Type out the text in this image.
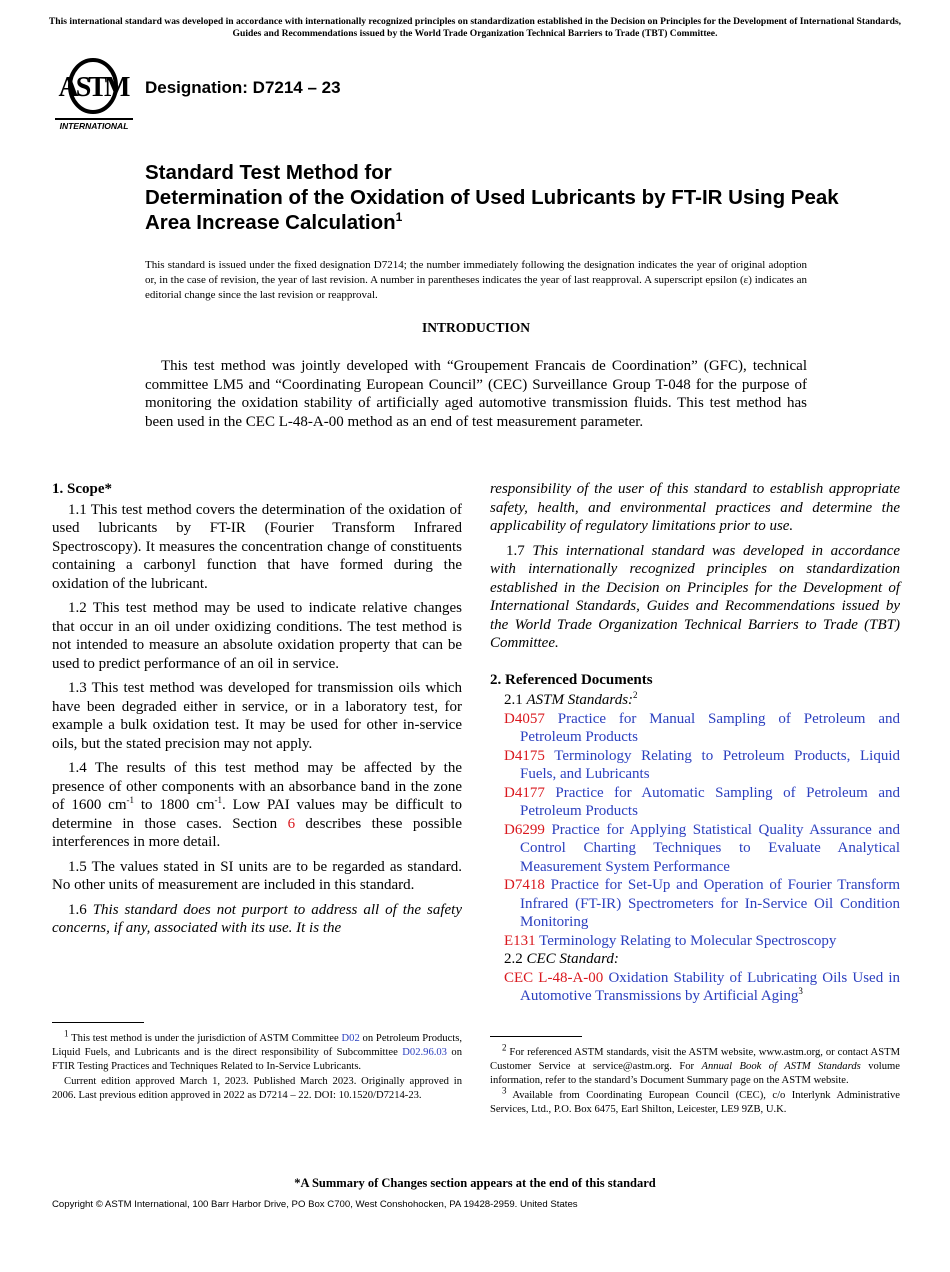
This international standard was developed in accordance with internationally recognized principles on standardization established in the Decision on Principles for the Development of International Standards, Guides and Recommendations issued by the World Trade Organization Technical Barriers to Trade (TBT) Committee.
ASTM
INTERNATIONAL
Designation: D7214 – 23
Standard Test Method for
Determination of the Oxidation of Used Lubricants by FT-IR Using Peak Area Increase Calculation$^1$
This standard is issued under the fixed designation D7214; the number immediately following the designation indicates the year of original adoption or, in the case of revision, the year of last revision. A number in parentheses indicates the year of last reapproval. A superscript epsilon (ε) indicates an editorial change since the last revision or reapproval.
INTRODUCTION
This test method was jointly developed with “Groupement Francais de Coordination” (GFC), technical committee LM5 and “Coordinating European Council” (CEC) Surveillance Group T-048 for the purpose of monitoring the oxidation stability of artificially aged automotive transmission fluids. This test method has been used in the CEC L-48-A-00 method as an end of test measurement parameter.

1. Scope*

1.1 This test method covers the determination of the oxidation of used lubricants by FT-IR (Fourier Transform Infrared Spectroscopy). It measures the concentration change of constituents containing a carbonyl function that have formed during the oxidation of the lubricant.

1.2 This test method may be used to indicate relative changes that occur in an oil under oxidizing conditions. The test method is not intended to measure an absolute oxidation property that can be used to predict performance of an oil in service.

1.3 This test method was developed for transmission oils which have been degraded either in service, or in a laboratory test, for example a bulk oxidation test. It may be used for other in-service oils, but the stated precision may not apply.

1.4 The results of this test method may be affected by the presence of other components with an absorbance band in the zone of 1600 $cm^{-1}$ to 1800 $cm^{-1}$. Low PAI values may be difficult to determine in those cases. Section 6 describes these possible interferences in more detail.

1.5 The values stated in SI units are to be regarded as standard. No other units of measurement are included in this standard.

1.6 This standard does not purport to address all of the safety concerns, if any, associated with its use. It is the

responsibility of the user of this standard to establish appropriate safety, health, and environmental practices and determine the applicability of regulatory limitations prior to use.

1.7 This international standard was developed in accordance with internationally recognized principles on standardization established in the Decision on Principles for the Development of International Standards, Guides and Recommendations issued by the World Trade Organization Technical Barriers to Trade (TBT) Committee.

2. Referenced Documents

2.1 ASTM Standards:$^2$

D4057 Practice for Manual Sampling of Petroleum and Petroleum Products

D4175 Terminology Relating to Petroleum Products, Liquid Fuels, and Lubricants

D4177 Practice for Automatic Sampling of Petroleum and Petroleum Products

D6299 Practice for Applying Statistical Quality Assurance and Control Charting Techniques to Evaluate Analytical Measurement System Performance

D7418 Practice for Set-Up and Operation of Fourier Transform Infrared (FT-IR) Spectrometers for In-Service Oil Condition Monitoring

E131 Terminology Relating to Molecular Spectroscopy

2.2 CEC Standard:

CEC L-48-A-00 Oxidation Stability of Lubricating Oils Used in Automotive Transmissions by Artificial Aging$^3$

$^1$ This test method is under the jurisdiction of ASTM Committee D02 on Petroleum Products, Liquid Fuels, and Lubricants and is the direct responsibility of Subcommittee D02.96.03 on FTIR Testing Practices and Techniques Related to In-Service Lubricants.

Current edition approved March 1, 2023. Published March 2023. Originally approved in 2006. Last previous edition approved in 2022 as D7214 – 22. DOI: 10.1520/D7214-23.

$^2$ For referenced ASTM standards, visit the ASTM website, www.astm.org, or contact ASTM Customer Service at service@astm.org. For Annual Book of ASTM Standards volume information, refer to the standard’s Document Summary page on the ASTM website.

$^3$ Available from Coordinating European Council (CEC), c/o Interlynk Administrative Services, Ltd., P.O. Box 6475, Earl Shilton, Leicester, LE9 9ZB, U.K.

*A Summary of Changes section appears at the end of this standard
Copyright © ASTM International, 100 Barr Harbor Drive, PO Box C700, West Conshohocken, PA 19428-2959. United States
